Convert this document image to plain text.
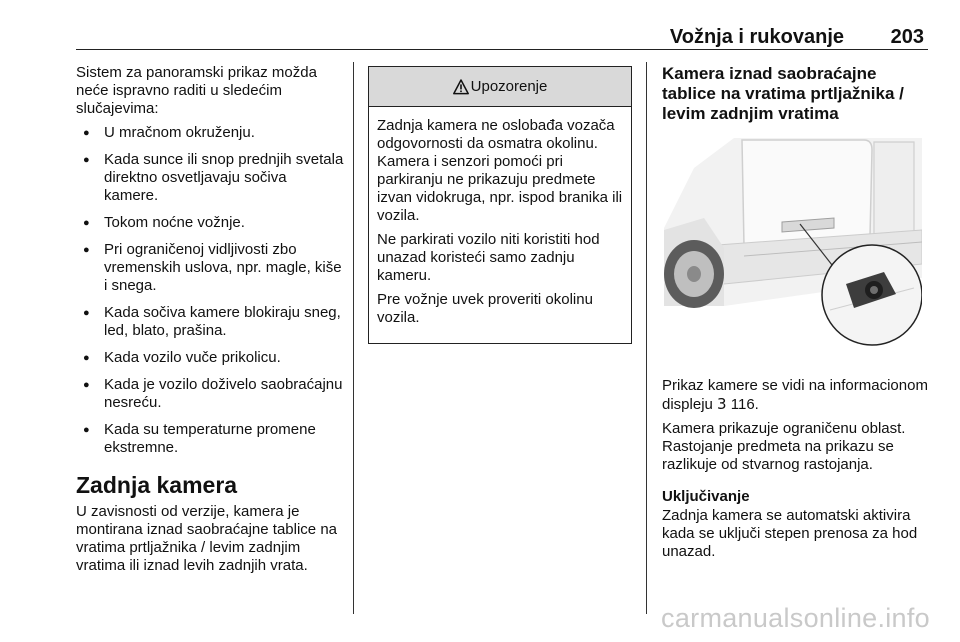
Vožnja i rukovanje 203

Sistem za panoramski prikaz možda neće ispravno raditi u sledećim slučajevima:

● U mračnom okruženju.
● Kada sunce ili snop prednjih svetala direktno osvetljavaju sočiva kamere.
● Tokom noćne vožnje.
● Pri ograničenoj vidljivosti zbo vremenskih uslova, npr. magle, kiše i snega.
● Kada sočiva kamere blokiraju sneg, led, blato, prašina.
● Kada vozilo vuče prikolicu.
● Kada je vozilo doživelo saobraćajnu nesreću.
● Kada su temperaturne promene ekstremne.
Zadnja kamera

U zavisnosti od verzije, kamera je montirana iznad saobraćajne tablice na vratima prtljažnika / levim zadnjim vratima ili iznad levih zadnjih vrata.

Upozorenje

Zadnja kamera ne oslobađa vozača odgovornosti da osmatra okolinu. Kamera i senzori pomoći pri parkiranju ne prikazuju predmete izvan vidokruga, npr. ispod branika ili vozila.

Ne parkirati vozilo niti koristiti hod unazad koristeći samo zadnju kameru.

Pre vožnje uvek proveriti okolinu vozila.

Kamera iznad saobraćajne tablice na vratima prtljažnika / levim zadnjim vratima

Prikaz kamere se vidi na informacionom displeju 3 116.

Kamera prikazuje ograničenu oblast. Rastojanje predmeta na prikazu se razlikuje od stvarnog rastojanja.

Uključivanje

Zadnja kamera se automatski aktivira kada se uključi stepen prenosa za hod unazad.

carmanualsonline.info
